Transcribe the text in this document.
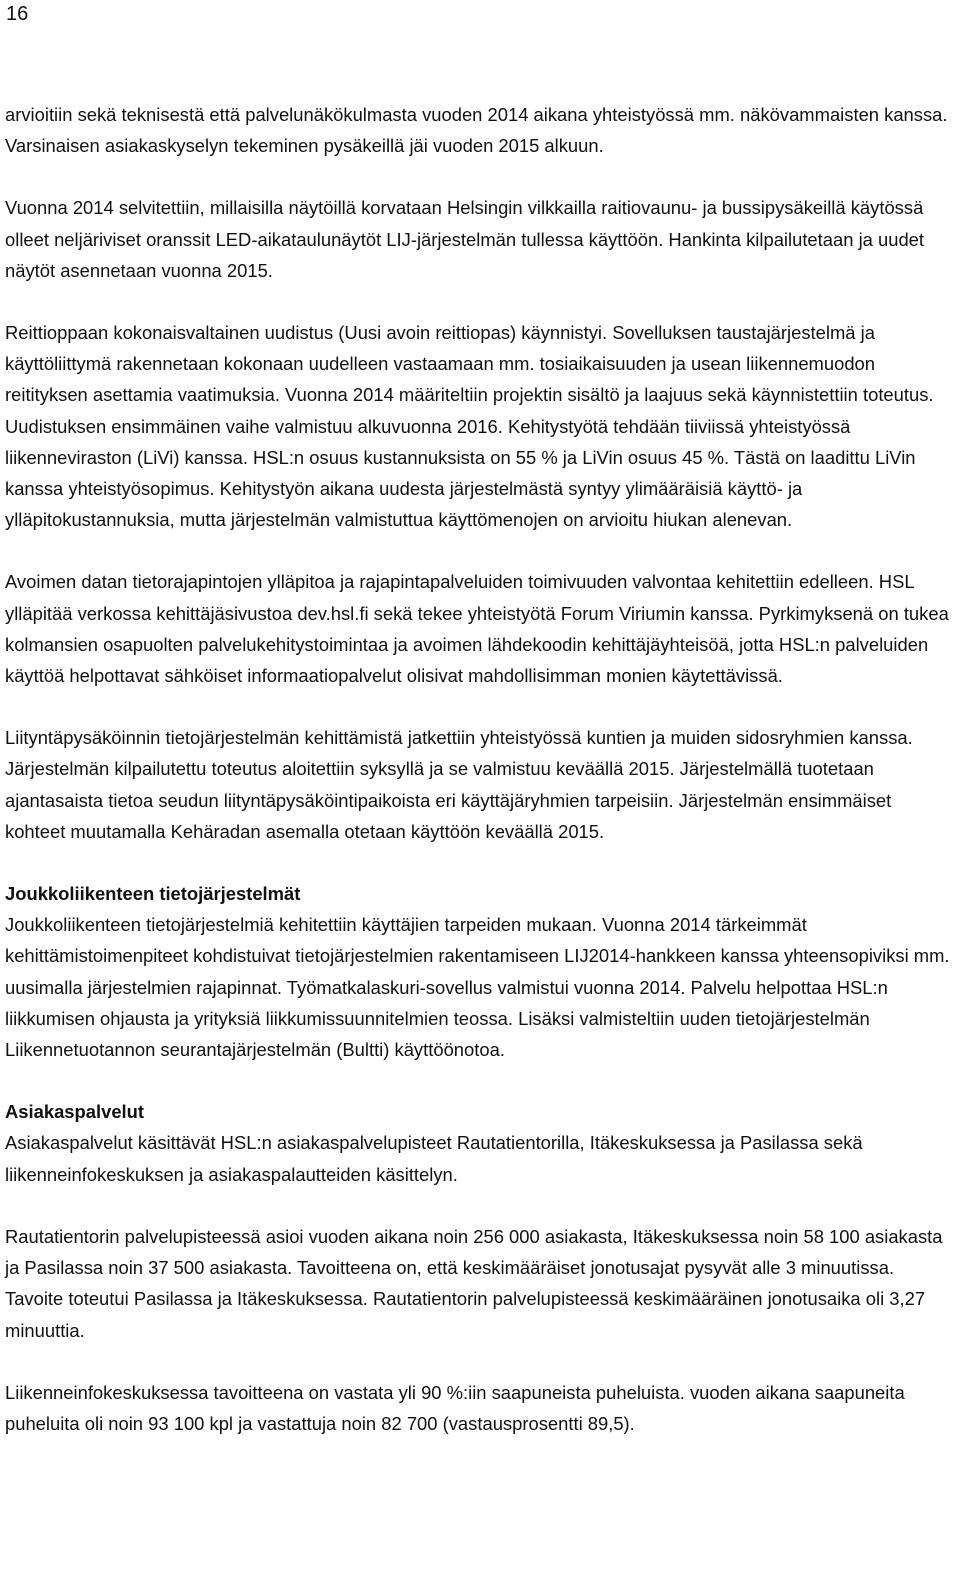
16

arvioitiin sekä teknisestä että palvelunäkökulmasta vuoden 2014 aikana yhteistyössä mm. näkövammaisten kanssa. Varsinaisen asiakaskyselyn tekeminen pysäkeillä jäi vuoden 2015 alkuun.

Vuonna 2014 selvitettiin, millaisilla näytöillä korvataan Helsingin vilkkailla raitiovaunu- ja bussipysäkeillä käytössä olleet neljäriviset oranssit LED-aikataulunäytöt LIJ-järjestelmän tullessa käyttöön. Hankinta kilpailutetaan ja uudet näytöt asennetaan vuonna 2015.

Reittioppaan kokonaisvaltainen uudistus (Uusi avoin reittiopas) käynnistyi. Sovelluksen taustajärjestelmä ja käyttöliittymä rakennetaan kokonaan uudelleen vastaamaan mm. tosiaikaisuuden ja usean liikennemuodon reitityksen asettamia vaatimuksia. Vuonna 2014 määriteltiin projektin sisältö ja laajuus sekä käynnistettiin toteutus. Uudistuksen ensimmäinen vaihe valmistuu alkuvuonna 2016. Kehitystyötä tehdään tiiviissä yhteistyössä liikenneviraston (LiVi) kanssa. HSL:n osuus kustannuksista on 55 % ja LiVin osuus 45 %. Tästä on laadittu LiVin kanssa yhteistyösopimus. Kehitystyön aikana uudesta järjestelmästä syntyy ylimääräisiä käyttö- ja ylläpitokustannuksia, mutta järjestelmän valmistuttua käyttömenojen on arvioitu hiukan alenevan.

Avoimen datan tietorajapintojen ylläpitoa ja rajapintapalveluiden toimivuuden valvontaa kehitettiin edelleen. HSL ylläpitää verkossa kehittäjäsivustoa dev.hsl.fi sekä tekee yhteistyötä Forum Viriumin kanssa. Pyrkimyksenä on tukea kolmansien osapuolten palvelukehitystoimintaa ja avoimen lähdekoodin kehittäjäyhteisöä, jotta HSL:n palveluiden käyttöä helpottavat sähköiset informaatiopalvelut olisivat mahdollisimman monien käytettävissä.

Liityntäpysäköinnin tietojärjestelmän kehittämistä jatkettiin yhteistyössä kuntien ja muiden sidosryhmien kanssa. Järjestelmän kilpailutettu toteutus aloitettiin syksyllä ja se valmistuu keväällä 2015. Järjestelmällä tuotetaan ajantasaista tietoa seudun liityntäpysäköintipaikoista eri käyttäjäryhmien tarpeisiin. Järjestelmän ensimmäiset kohteet muutamalla Kehäradan asemalla otetaan käyttöön keväällä 2015.

Joukkoliikenteen tietojärjestelmät

Joukkoliikenteen tietojärjestelmiä kehitettiin käyttäjien tarpeiden mukaan. Vuonna 2014 tärkeimmät kehittämistoimenpiteet kohdistuivat tietojärjestelmien rakentamiseen LIJ2014-hankkeen kanssa yhteensopiviksi mm. uusimalla järjestelmien rajapinnat. Työmatkalaskuri-sovellus valmistui vuonna 2014. Palvelu helpottaa HSL:n liikkumisen ohjausta ja yrityksiä liikkumissuunnitelmien teossa. Lisäksi valmisteltiin uuden tietojärjestelmän Liikennetuotannon seurantajärjestelmän (Bultti) käyttöönotoa.

Asiakaspalvelut

Asiakaspalvelut käsittävät HSL:n asiakaspalvelupisteet Rautatientorilla, Itäkeskuksessa ja Pasilassa sekä liikenneinfokeskuksen ja asiakaspalautteiden käsittelyn.

Rautatientorin palvelupisteessä asioi vuoden aikana noin 256 000 asiakasta, Itäkeskuksessa noin 58 100 asiakasta ja Pasilassa noin 37 500 asiakasta. Tavoitteena on, että keskimääräiset jonotusajat pysyvät alle 3 minuutissa. Tavoite toteutui Pasilassa ja Itäkeskuksessa. Rautatientorin palvelupisteessä keskimääräinen jonotusaika oli 3,27 minuuttia.

Liikenneinfokeskuksessa tavoitteena on vastata yli 90 %:iin saapuneista puheluista. vuoden aikana saapuneita puheluita oli noin 93 100 kpl ja vastattuja noin 82 700 (vastausprosentti 89,5).
